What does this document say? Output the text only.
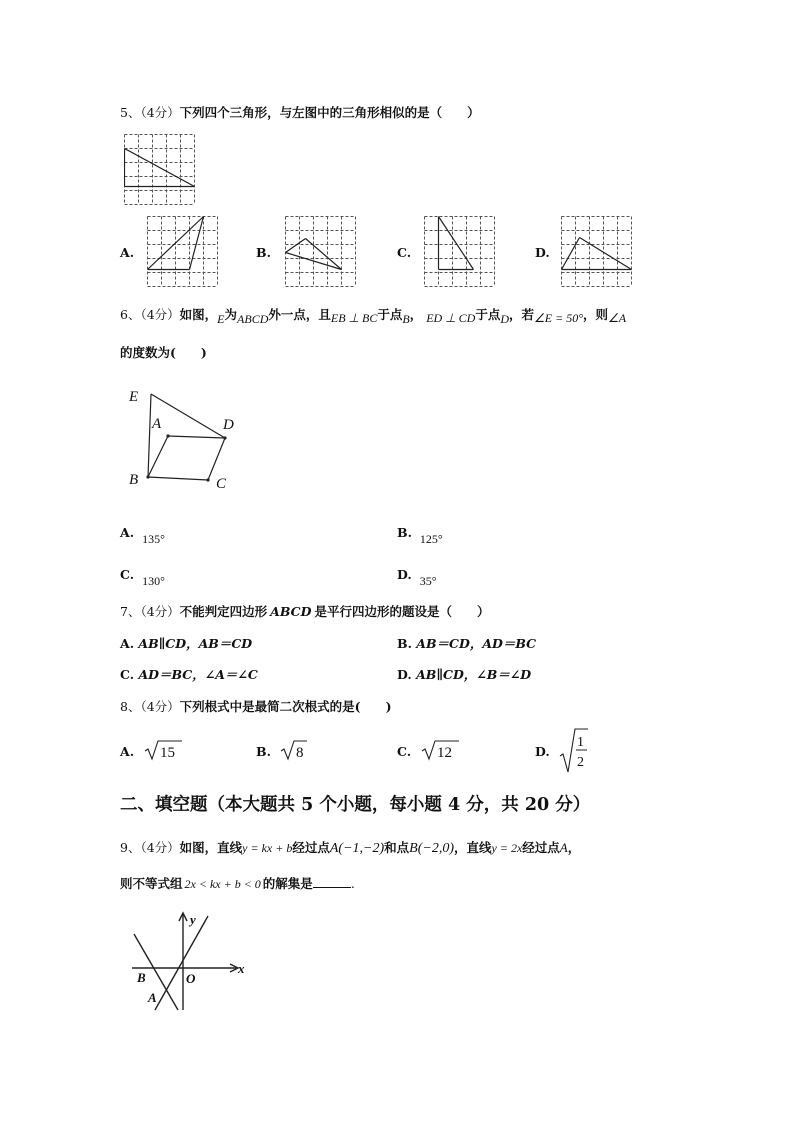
5、（4分）下列四个三角形，与左图中的三角形相似的是（　　）
A.	B.	C.	D.
6、（4分）如图，E为ABCD外一点，且EB ⊥ BC于点B， ED ⊥ CD于点D，若∠E = 50°，则∠A
的度数为(　　)
E
A	D
B	C
A. $_{135^\circ}$	B. $_{125^\circ}$
C. $_{130^\circ}$	D. $_{35^\circ}$
7、（4分）不能判定四边形 ABCD 是平行四边形的题设是（　　）
A. AB∥CD，AB＝CD	B. AB＝CD，AD＝BC
C. AD＝BC，∠A＝∠C	D. AB∥CD，∠B＝∠D
8、（4分）下列根式中是最简二次根式的是(　　)
A. 15	B. 8	C. 12	D.
1
2
二、填空题（本大题共 5 个小题，每小题 4 分，共 20 分）
9、（4分）如图，直线y = kx + b经过点A(−1,−2)和点B(−2,0)，直线y = 2x经过点A，
则不等式组 2x < kx + b < 0 的解集是	.
y
x
B	O
A
